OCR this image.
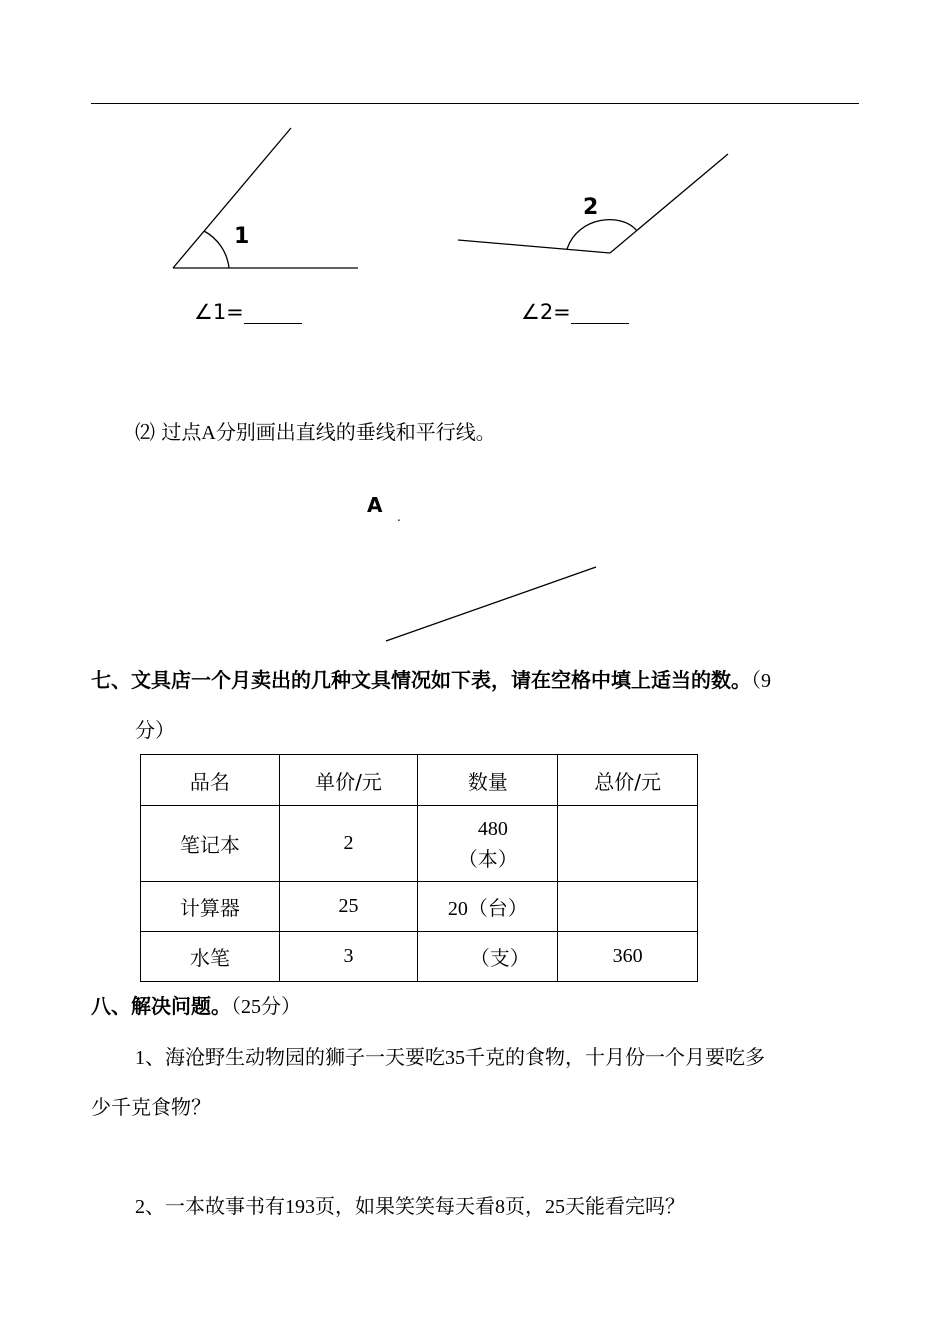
1
2
∠1=	∠2=
⑵ 过点A分别画出直线的垂线和平行线。
A .
七、文具店一个月卖出的几种文具情况如下表，请在空格中填上适当的数。（9
分）
品名	单价/元	数量	总价/元
笔记本	2	480
（本）	

计算器	25	20（台）	
水笔	3	（支）	360
八、解决问题。（25分）
1、海沧野生动物园的狮子一天要吃35千克的食物，十月份一个月要吃多
少千克食物？
2、一本故事书有193页，如果笑笑每天看8页，25天能看完吗？
